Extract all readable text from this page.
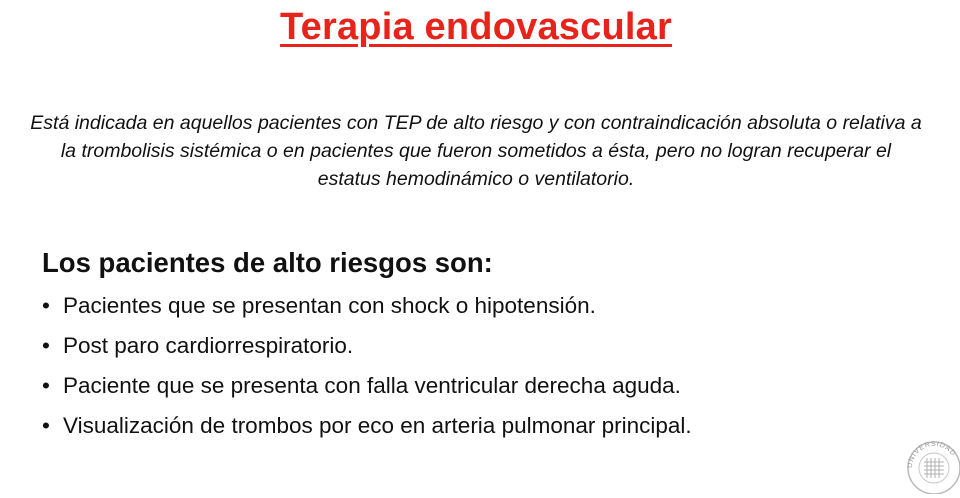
Terapia endovascular
Está indicada en aquellos pacientes con TEP de alto riesgo y con contraindicación absoluta o relativa a la trombolisis sistémica o en pacientes que fueron sometidos a ésta, pero no logran recuperar el estatus hemodinámico o ventilatorio.
Los pacientes de alto riesgos son:
• Pacientes que se presentan con shock o hipotensión.
• Post paro cardiorrespiratorio.
• Paciente que se presenta con falla ventricular derecha aguda.
• Visualización de trombos por eco en arteria pulmonar principal.
UNIVERSIDAD
